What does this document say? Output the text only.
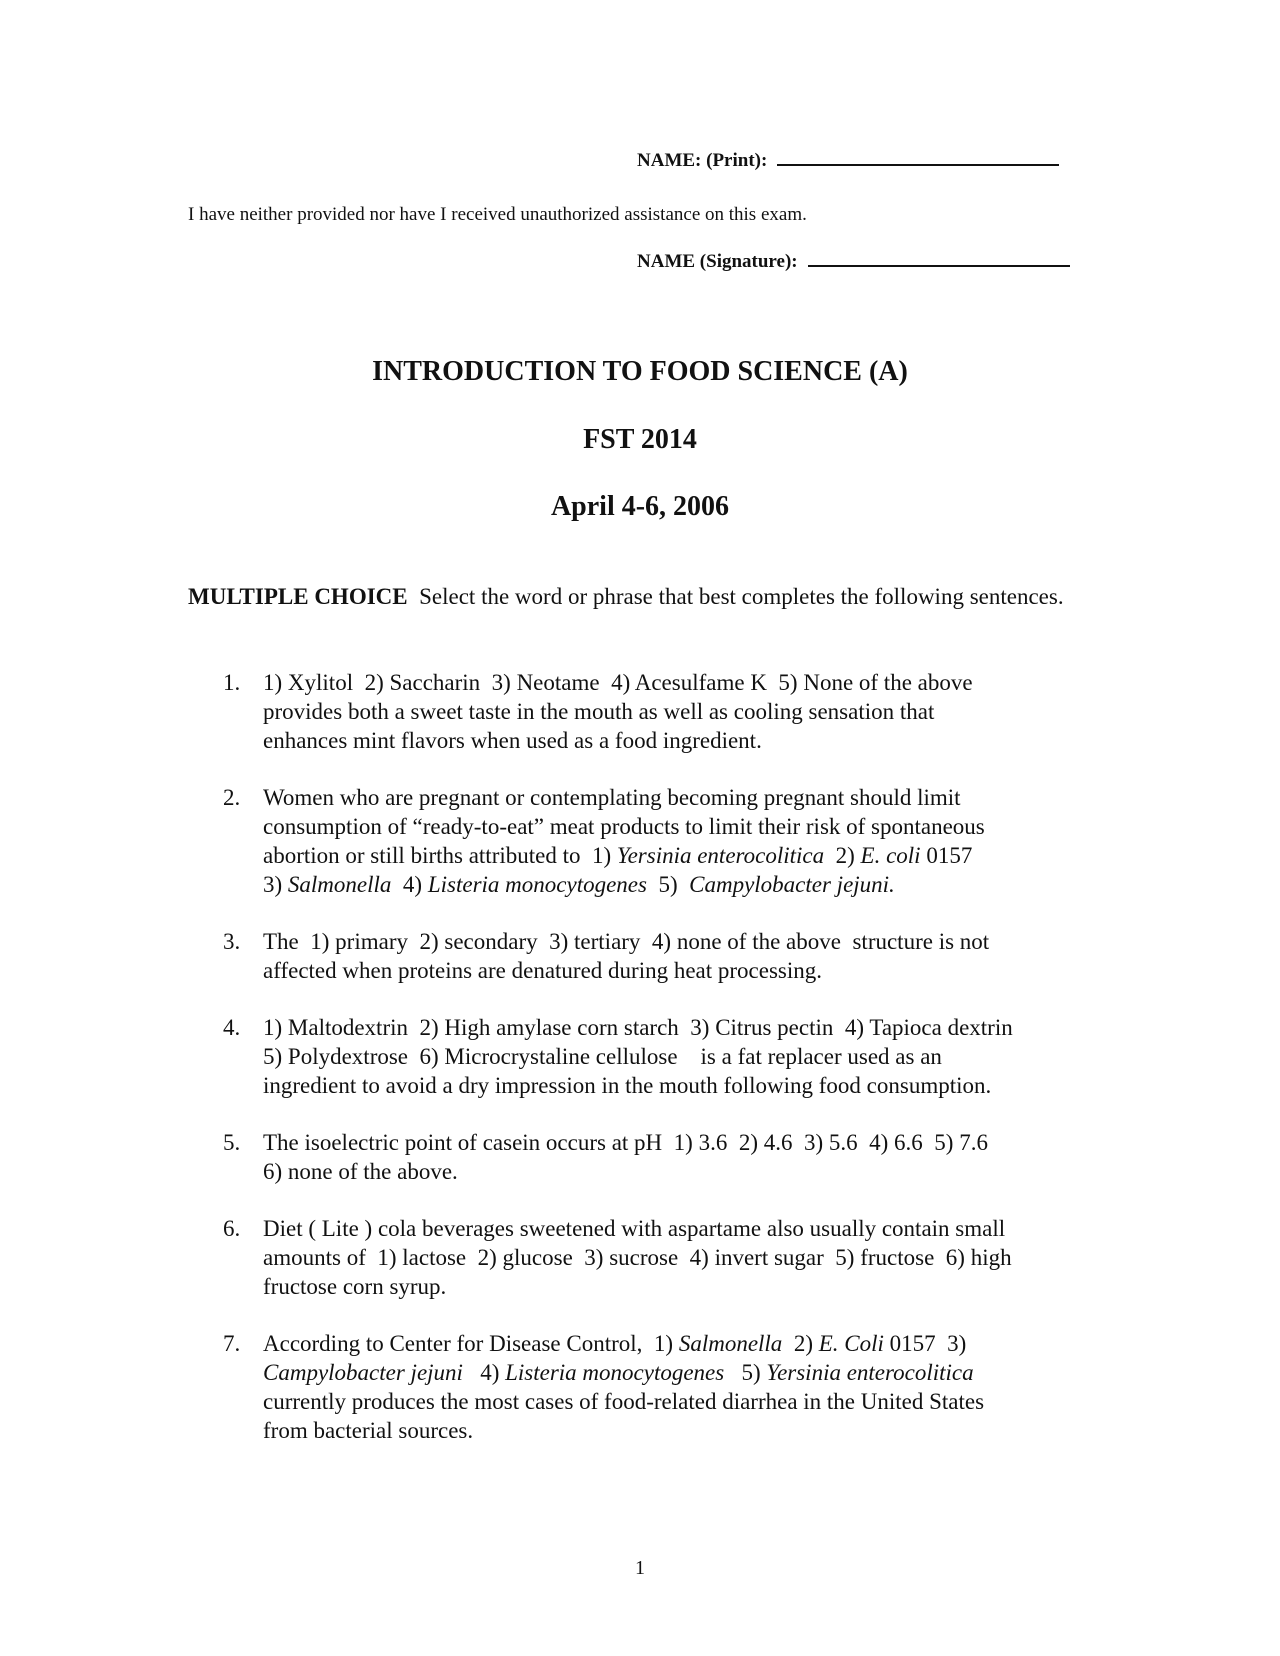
NAME: (Print):
I have neither provided nor have I received unauthorized assistance on this exam.
NAME (Signature):
INTRODUCTION TO FOOD SCIENCE (A)
FST 2014
April 4-6, 2006
MULTIPLE CHOICE Select the word or phrase that best completes the following sentences.
1. 1) Xylitol  2) Saccharin  3) Neotame  4) Acesulfame K  5) None of the above

provides both a sweet taste in the mouth as well as cooling sensation that

enhances mint flavors when used as a food ingredient.

2. Women who are pregnant or contemplating becoming pregnant should limit

consumption of “ready-to-eat” meat products to limit their risk of spontaneous

abortion or still births attributed to  1) Yersinia enterocolitica  2) E. coli 0157

3) Salmonella  4) Listeria monocytogenes  5)  Campylobacter jejuni.

3. The  1) primary  2) secondary  3) tertiary  4) none of the above  structure is not

affected when proteins are denatured during heat processing.

4. 1) Maltodextrin  2) High amylase corn starch  3) Citrus pectin  4) Tapioca dextrin

5) Polydextrose  6) Microcrystaline cellulose    is a fat replacer used as an

ingredient to avoid a dry impression in the mouth following food consumption.

5. The isoelectric point of casein occurs at pH  1) 3.6  2) 4.6  3) 5.6  4) 6.6  5) 7.6

6) none of the above.

6. Diet ( Lite ) cola beverages sweetened with aspartame also usually contain small

amounts of  1) lactose  2) glucose  3) sucrose  4) invert sugar  5) fructose  6) high

fructose corn syrup.

7. According to Center for Disease Control,  1) Salmonella  2) E. Coli 0157  3)

Campylobacter jejuni   4) Listeria monocytogenes   5) Yersinia enterocolitica

currently produces the most cases of food-related diarrhea in the United States

from bacterial sources.

1
